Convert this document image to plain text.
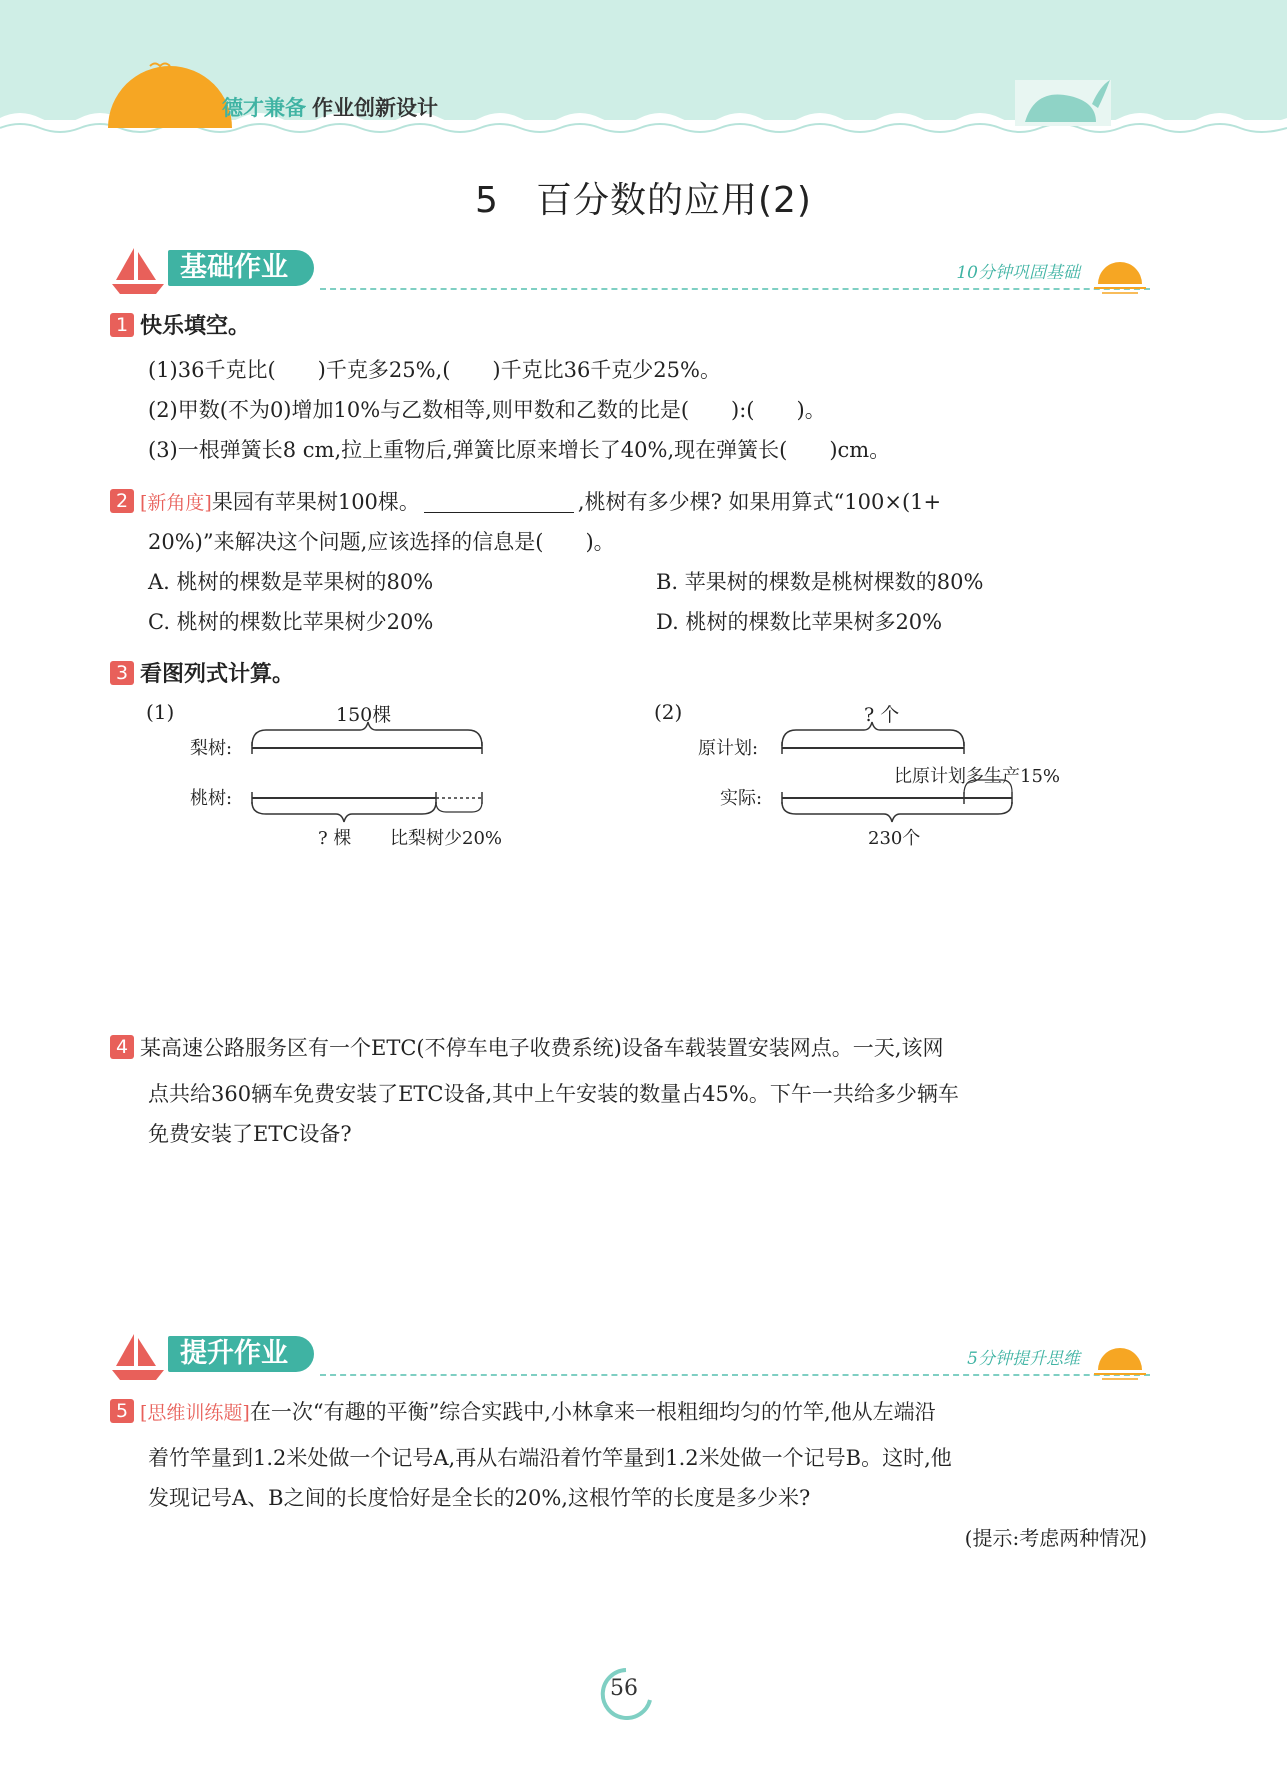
德才兼备 作业创新设计
5　百分数的应用(2)
基础作业	10分钟巩固基础
1 快乐填空。
(1)36千克比(　　)千克多25%,(　　)千克比36千克少25%。
(2)甲数(不为0)增加10%与乙数相等,则甲数和乙数的比是(　　):(　　)。
(3)一根弹簧长8 cm,拉上重物后,弹簧比原来增长了40%,现在弹簧长(　　)cm。
2 [新角度]果园有苹果树100棵。	,桃树有多少棵? 如果用算式“100×(1+
20%)”来解决这个问题,应该选择的信息是(　　)。
A. 桃树的棵数是苹果树的80%	B. 苹果树的棵数是桃树棵数的80%
C. 桃树的棵数比苹果树少20%	D. 桃树的棵数比苹果树多20%
3 看图列式计算。
(1)	150棵
梨树:
桃树:
? 棵 比梨树少20%
(2)	? 个
原计划:
实际:
比原计划多生产15%
230个
4 某高速公路服务区有一个ETC(不停车电子收费系统)设备车载装置安装网点。一天,该网
点共给360辆车免费安装了ETC设备,其中上午安装的数量占45%。下午一共给多少辆车
免费安装了ETC设备?
提升作业	5分钟提升思维
5 [思维训练题]在一次“有趣的平衡”综合实践中,小林拿来一根粗细均匀的竹竿,他从左端沿
着竹竿量到1.2米处做一个记号A,再从右端沿着竹竿量到1.2米处做一个记号B。这时,他
发现记号A、B之间的长度恰好是全长的20%,这根竹竿的长度是多少米?
(提示:考虑两种情况)
56
